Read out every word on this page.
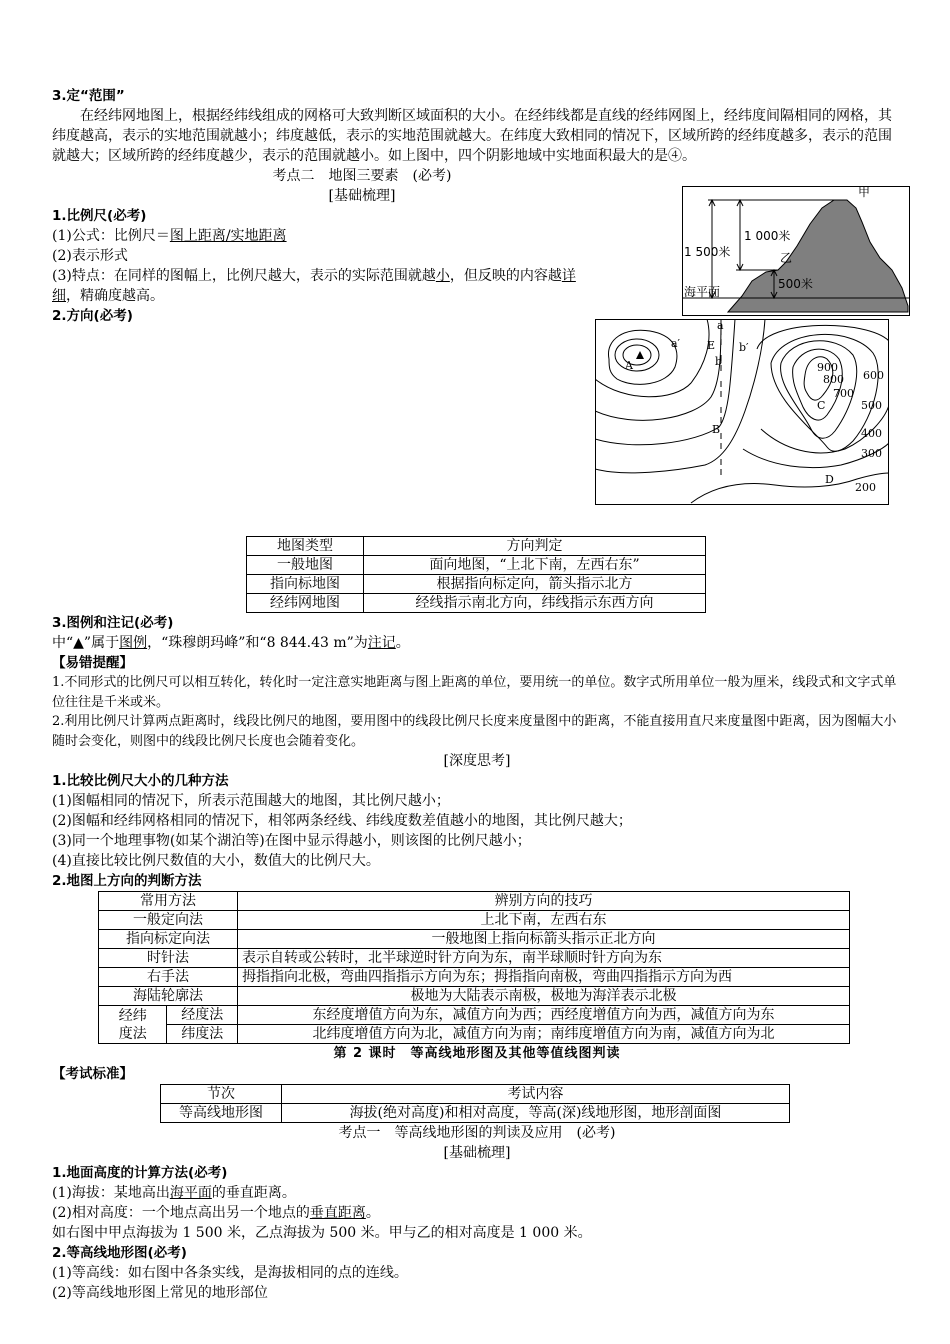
3.定“范围”
在经纬网地图上，根据经纬线组成的网格可大致判断区域面积的大小。在经纬线都是直线的经纬网图上，经纬度间隔相同的网格，其纬度越高，表示的实地范围就越小；纬度越低，表示的实地范围就越大。在纬度大致相同的情况下，区域所跨的经纬度越多，表示的范围就越大；区域所跨的经纬度越少，表示的范围就越小。如上图中，四个阴影地域中实地面积最大的是④。
考点二　地图三要素　(必考)
[基础梳理]
1.比例尺(必考)
(1)公式：比例尺＝图上距离/实地距离
(2)表示形式
(3)特点：在同样的图幅上，比例尺越大，表示的实际范围就越小，但反映的内容越详
细，精确度越高。
2.方向(必考)
甲
乙
1 000米
1 500米
500米
海平面
a
a′
b
b′
A
E
B
C
D
900
800
700
600
500
400
300
200
地图类型	方向判定
一般地图	面向地图，“上北下南，左西右东”
指向标地图	根据指向标定向，箭头指示北方
经纬网地图	经线指示南北方向，纬线指示东西方向
3.图例和注记(必考)
中“▲”属于图例，“珠穆朗玛峰”和“8 844.43 m”为注记。
【易错提醒】
1.不同形式的比例尺可以相互转化，转化时一定注意实地距离与图上距离的单位，要用统一的单位。数字式所用单位一般为厘米，线段式和文字式单位往往是千米或米。
2.利用比例尺计算两点距离时，线段比例尺的地图，要用图中的线段比例尺长度来度量图中的距离，不能直接用直尺来度量图中距离，因为图幅大小随时会变化，则图中的线段比例尺长度也会随着变化。
[深度思考]
1.比较比例尺大小的几种方法
(1)图幅相同的情况下，所表示范围越大的地图，其比例尺越小；
(2)图幅和经纬网格相同的情况下，相邻两条经线、纬线度数差值越小的地图，其比例尺越大；
(3)同一个地理事物(如某个湖泊等)在图中显示得越小，则该图的比例尺越小；
(4)直接比较比例尺数值的大小，数值大的比例尺大。
2.地图上方向的判断方法
常用方法		辨别方向的技巧
一般定向法		上北下南，左西右东
指向标定向法		一般地图上指向标箭头指示正北方向
时针法		表示自转或公转时，北半球逆时针方向为东，南半球顺时针方向为东
右手法		拇指指向北极，弯曲四指指示方向为东；拇指指向南极，弯曲四指指示方向为西
海陆轮廓法		极地为大陆表示南极，极地为海洋表示北极

经纬
度法	经度法	东经度增值方向为东，减值方向为西；西经度增值方向为西，减值方向为东
	纬度法	北纬度增值方向为北，减值方向为南；南纬度增值方向为南，减值方向为北
第 2 课时　等高线地形图及其他等值线图判读
【考试标准】
节次	考试内容
等高线地形图	海拔(绝对高度)和相对高度，等高(深)线地形图，地形剖面图
考点一　等高线地形图的判读及应用　(必考)
[基础梳理]
1.地面高度的计算方法(必考)
(1)海拔：某地高出海平面的垂直距离。
(2)相对高度：一个地点高出另一个地点的垂直距离。
如右图中甲点海拔为 1 500 米，乙点海拔为 500 米。甲与乙的相对高度是 1 000 米。
2.等高线地形图(必考)
(1)等高线：如右图中各条实线，是海拔相同的点的连线。
(2)等高线地形图上常见的地形部位
